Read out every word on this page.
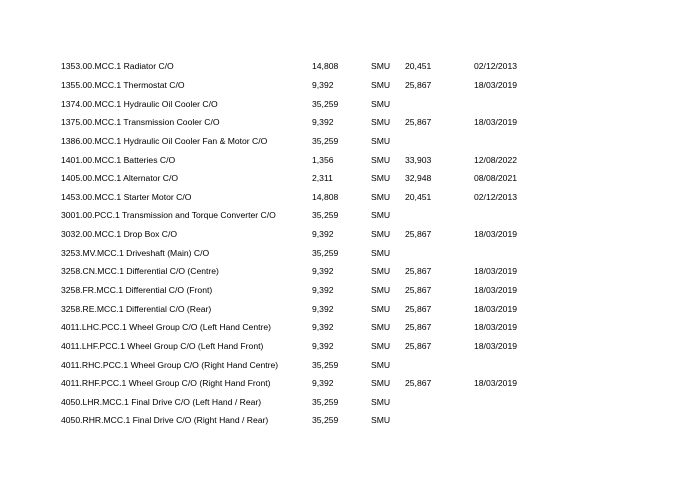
1353.00.MCC.1 Radiator C/O	14,808	SMU	20,451	02/12/2013
1355.00.MCC.1 Thermostat C/O	9,392	SMU	25,867	18/03/2019
1374.00.MCC.1 Hydraulic Oil Cooler C/O	35,259	SMU
1375.00.MCC.1 Transmission Cooler C/O	9,392	SMU	25,867	18/03/2019
1386.00.MCC.1 Hydraulic Oil Cooler Fan & Motor C/O	35,259	SMU
1401.00.MCC.1 Batteries C/O	1,356	SMU	33,903	12/08/2022
1405.00.MCC.1 Alternator C/O	2,311	SMU	32,948	08/08/2021
1453.00.MCC.1 Starter Motor C/O	14,808	SMU	20,451	02/12/2013
3001.00.PCC.1 Transmission and Torque Converter C/O	35,259	SMU
3032.00.MCC.1 Drop Box C/O	9,392	SMU	25,867	18/03/2019
3253.MV.MCC.1 Driveshaft (Main) C/O	35,259	SMU
3258.CN.MCC.1 Differential C/O (Centre)	9,392	SMU	25,867	18/03/2019
3258.FR.MCC.1 Differential C/O (Front)	9,392	SMU	25,867	18/03/2019
3258.RE.MCC.1 Differential C/O (Rear)	9,392	SMU	25,867	18/03/2019
4011.LHC.PCC.1 Wheel Group C/O (Left Hand Centre)	9,392	SMU	25,867	18/03/2019
4011.LHF.PCC.1 Wheel Group C/O (Left Hand Front)	9,392	SMU	25,867	18/03/2019
4011.RHC.PCC.1 Wheel Group C/O (Right Hand Centre)	35,259	SMU
4011.RHF.PCC.1 Wheel Group C/O (Right Hand Front)	9,392	SMU	25,867	18/03/2019
4050.LHR.MCC.1 Final Drive C/O (Left Hand / Rear)	35,259	SMU
4050.RHR.MCC.1 Final Drive C/O (Right Hand / Rear)	35,259	SMU
